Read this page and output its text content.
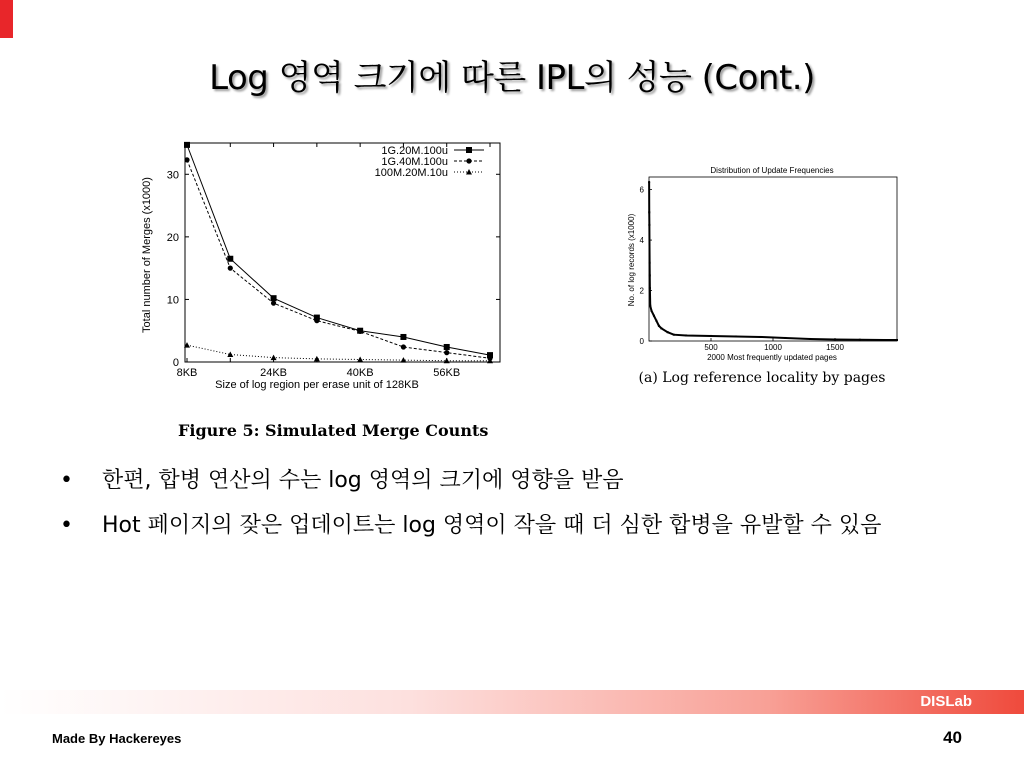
Log 영역 크기에 따른 IPL의 성능 (Cont.)
0
10
20
30
8KB	24KB	40KB	56KB
Total number of Merges (x1000)
Size of log region per erase unit of 128KB
1G.20M.100u
1G.40M.100u
100M.20M.10u	Distribution of Update Frequencies
No. of log records (x1000)
2000 Most frequently updated pages
(a) Log reference locality by pages
0
2
4
6
500	1000	1500
Figure 5: Simulated Merge Counts
• 한편, 합병 연산의 수는 log 영역의 크기에 영향을 받음
• Hot 페이지의 잦은 업데이트는 log 영역이 작을 때 더 심한 합병을 유발할 수 있음
DISLab
Made By Hackereyes	40
